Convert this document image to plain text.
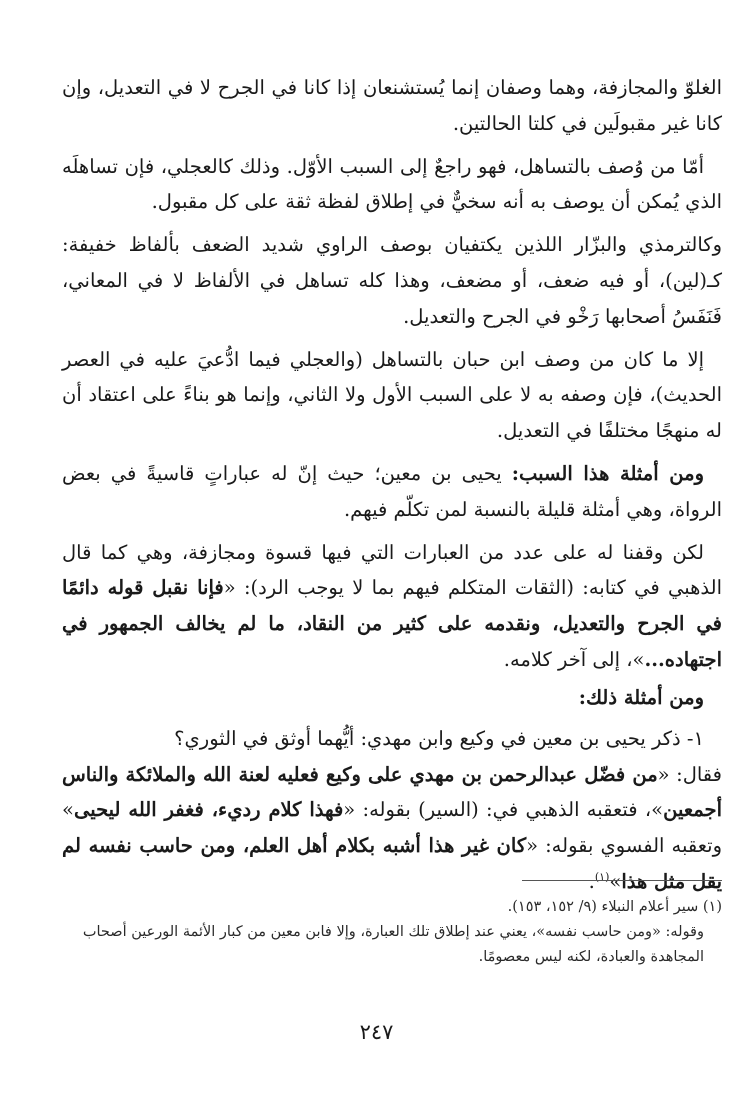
الغلوّ والمجازفة، وهما وصفان إنما يُستشنعان إذا كانا في الجرح لا في التعديل، وإن كانا غير مقبولَين في كلتا الحالتين.

أمّا من وُصف بالتساهل، فهو راجعٌ إلى السبب الأوّل. وذلك كالعجلي، فإن تساهلَه الذي يُمكن أن يوصف به أنه سخيٌّ في إطلاق لفظة ثقة على كل مقبول.

وكالترمذي والبزّار اللذين يكتفيان بوصف الراوي شديد الضعف بألفاظ خفيفة: كـ(لين)، أو فيه ضعف، أو مضعف، وهذا كله تساهل في الألفاظ لا في المعاني، فَنَفَسُ أصحابها رَخْو في الجرح والتعديل.

إلا ما كان من وصف ابن حبان بالتساهل (والعجلي فيما ادُّعيَ عليه في العصر الحديث)، فإن وصفه به لا على السبب الأول ولا الثاني، وإنما هو بناءً على اعتقاد أن له منهجًا مختلفًا في التعديل.

ومن أمثلة هذا السبب: يحيى بن معين؛ حيث إنّ له عباراتٍ قاسيةً في بعض الرواة، وهي أمثلة قليلة بالنسبة لمن تكلّم فيهم.

لكن وقفنا له على عدد من العبارات التي فيها قسوة ومجازفة، وهي كما قال الذهبي في كتابه: (الثقات المتكلم فيهم بما لا يوجب الرد): «فإنا نقبل قوله دائمًا في الجرح والتعديل، ونقدمه على كثير من النقاد، ما لم يخالف الجمهور في اجتهاده...»، إلى آخر كلامه.

ومن أمثلة ذلك:

١- ذكر يحيى بن معين في وكيع وابن مهدي: أيُّهما أوثق في الثوري؟

فقال: «من فضّل عبدالرحمن بن مهدي على وكيع فعليه لعنة الله والملائكة والناس أجمعين»، فتعقبه الذهبي في: (السير) بقوله: «فهذا كلام رديء، فغفر الله ليحيى» وتعقبه الفسوي بقوله: «كان غير هذا أشبه بكلام أهل العلم، ومن حاسب نفسه لم يقل مثل هذا»$^{(١)}$.

(١) سير أعلام النبلاء (٩/ ١٥٢، ١٥٣).

وقوله: «ومن حاسب نفسه»، يعني عند إطلاق تلك العبارة، وإلا فابن معين من كبار الأئمة الورعين أصحاب المجاهدة والعبادة، لكنه ليس معصومًا.

٢٤٧
